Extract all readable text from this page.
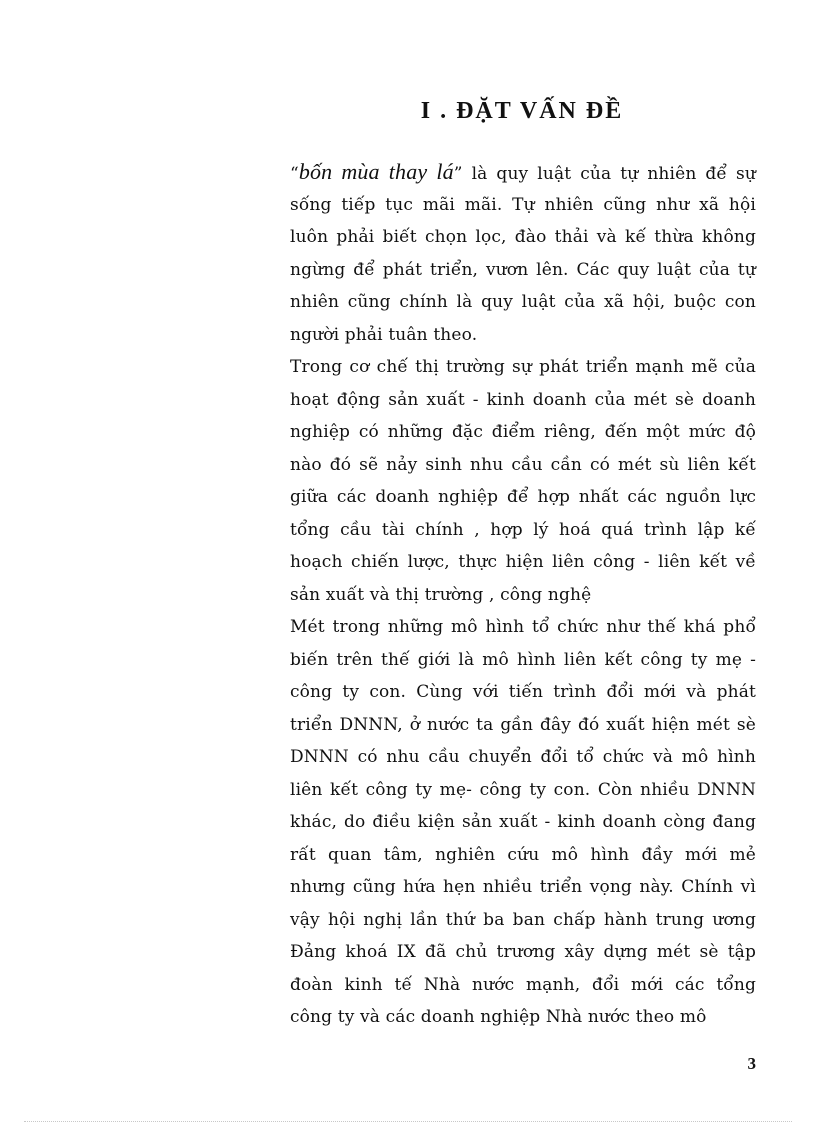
I . ĐẶT VẤN ĐỀ
“bốn mùa thay lá” là quy luật của tự nhiên để sự
sống tiếp tục mãi mãi. Tự nhiên cũng như xã hội
luôn phải biết chọn lọc, đào thải và kế thừa không
ngừng để phát triển, vươn lên. Các quy luật của tự
nhiên cũng chính là quy luật của xã hội, buộc con
người phải tuân theo.
Trong cơ chế thị trường sự phát triển mạnh mẽ của
hoạt động sản xuất - kinh doanh của mét sè doanh
nghiệp có những đặc điểm riêng, đến một mức độ
nào đó sẽ nảy sinh nhu cầu cần có mét sù liên kết
giữa các doanh nghiệp để hợp nhất các nguồn lực
tổng cầu tài chính , hợp lý hoá quá trình lập kế
hoạch chiến lược, thực hiện liên công - liên kết về
sản xuất và thị trường , công nghệ
Mét trong những mô hình tổ chức như thế khá phổ
biến trên thế giới là mô hình liên kết công ty mẹ -
công ty con. Cùng với tiến trình đổi mới và phát
triển DNNN, ở nước ta gần đây đó xuất hiện mét sè
DNNN có nhu cầu chuyển đổi tổ chức và mô hình
liên kết công ty mẹ- công ty con. Còn nhiều DNNN
khác, do điều kiện sản xuất - kinh doanh còng đang
rất quan tâm, nghiên cứu mô hình đầy mới mẻ
nhưng cũng hứa hẹn nhiều triển vọng này. Chính vì
vậy hội nghị lần thứ ba ban chấp hành trung ương
Đảng khoá IX đã chủ trương xây dựng mét sè tập
đoàn kinh tế Nhà nước mạnh, đổi mới các tổng
công ty và các doanh nghiệp Nhà nước theo mô
3
